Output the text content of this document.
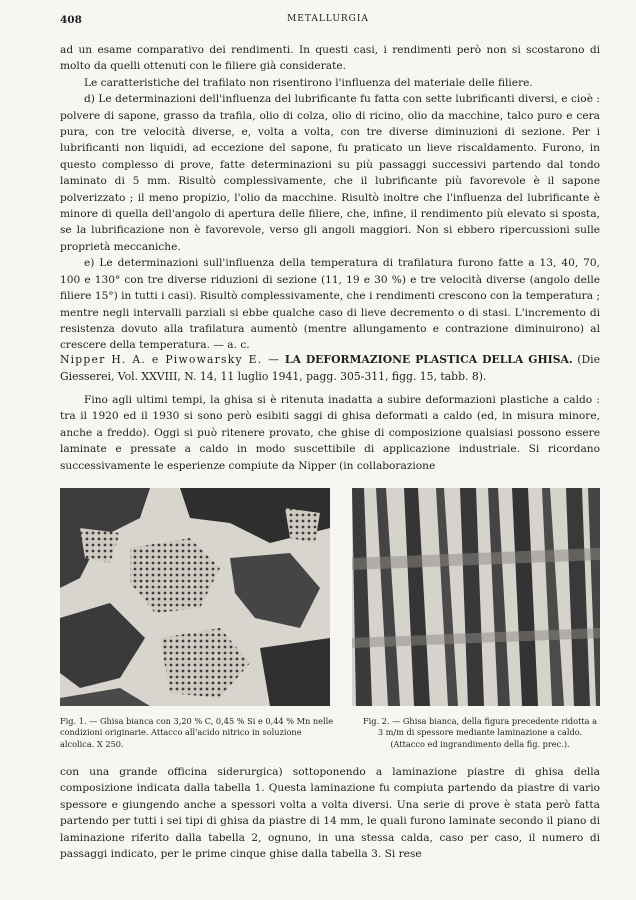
408	METALLURGIA

ad un esame comparativo dei rendimenti. In questi casi, i rendimenti però non si scostarono di molto da quelli ottenuti con le filiere già considerate.

Le caratteristiche del trafilato non risentirono l'influenza del materiale delle filiere.

d) Le determinazioni dell'influenza del lubrificante fu fatta con sette lubrificanti diversi, e cioè : polvere di sapone, grasso da trafila, olio di colza, olio di ricino, olio da macchine, talco puro e cera pura, con tre velocità diverse, e, volta a volta, con tre diverse diminuzioni di sezione. Per i lubrificanti non liquidi, ad eccezione del sapone, fu praticato un lieve riscaldamento. Furono, in questo complesso di prove, fatte determinazioni su più passaggi successivi partendo dal tondo laminato di 5 mm. Risultò complessivamente, che il lubrificante più favorevole è il sapone polverizzato ; il meno propizio, l'olio da macchine. Risultò inoltre che l'influenza del lubrificante è minore di quella dell'angolo di apertura delle filiere, che, infine, il rendimento più elevato si sposta, se la lubrificazione non è favorevole, verso gli angoli maggiori. Non si ebbero ripercussioni sulle proprietà meccaniche.

e) Le determinazioni sull'influenza della temperatura di trafilatura furono fatte a 13, 40, 70, 100 e 130° con tre diverse riduzioni di sezione (11, 19 e 30 %) e tre velocità diverse (angolo delle filiere 15°) in tutti i casi). Risultò complessivamente, che i rendimenti crescono con la temperatura ; mentre negli intervalli parziali si ebbe qualche caso di lieve decremento o di stasi. L'incremento di resistenza dovuto alla trafilatura aumentò (mentre allungamento e contrazione diminuirono) al crescere della temperatura. — a. c.

Nipper H. A. e Piwowarsky E. — LA DEFORMAZIONE PLASTICA DELLA GHISA. (Die Giesserei, Vol. XXVIII, N. 14, 11 luglio 1941, pagg. 305-311, figg. 15, tabb. 8).

Fino agli ultimi tempi, la ghisa si è ritenuta inadatta a subire deformazioni plastiche a caldo : tra il 1920 ed il 1930 si sono però esibiti saggi di ghisa deformati a caldo (ed, in misura minore, anche a freddo). Oggi si può ritenere provato, che ghise di composizione qualsiasi possono essere laminate e pressate a caldo in modo suscettibile di applicazione industriale. Si ricordano successivamente le esperienze compiute da Nipper (in collaborazione

Fig. 1. — Ghisa bianca con 3,20 % C, 0,45 % Si e 0,44 % Mn nelle condizioni originarie. Attacco all'acido nitrico in soluzione alcolica. X 250.
Fig. 2. — Ghisa bianca, della figura precedente ridotta a 3 m/m di spessore mediante laminazione a caldo. (Attacco ed ingrandimento della fig. prec.).

con una grande officina siderurgica) sottoponendo a laminazione piastre di ghisa della composizione indicata dalla tabella 1. Questa laminazione fu compiuta partendo da piastre di vario spessore e giungendo anche a spessori volta a volta diversi. Una serie di prove è stata però fatta partendo per tutti i sei tipi di ghisa da piastre di 14 mm, le quali furono laminate secondo il piano di laminazione riferito dalla tabella 2, ognuno, in una stessa calda, caso per caso, il numero di passaggi indicato, per le prime cinque ghise dalla tabella 3. Si rese
